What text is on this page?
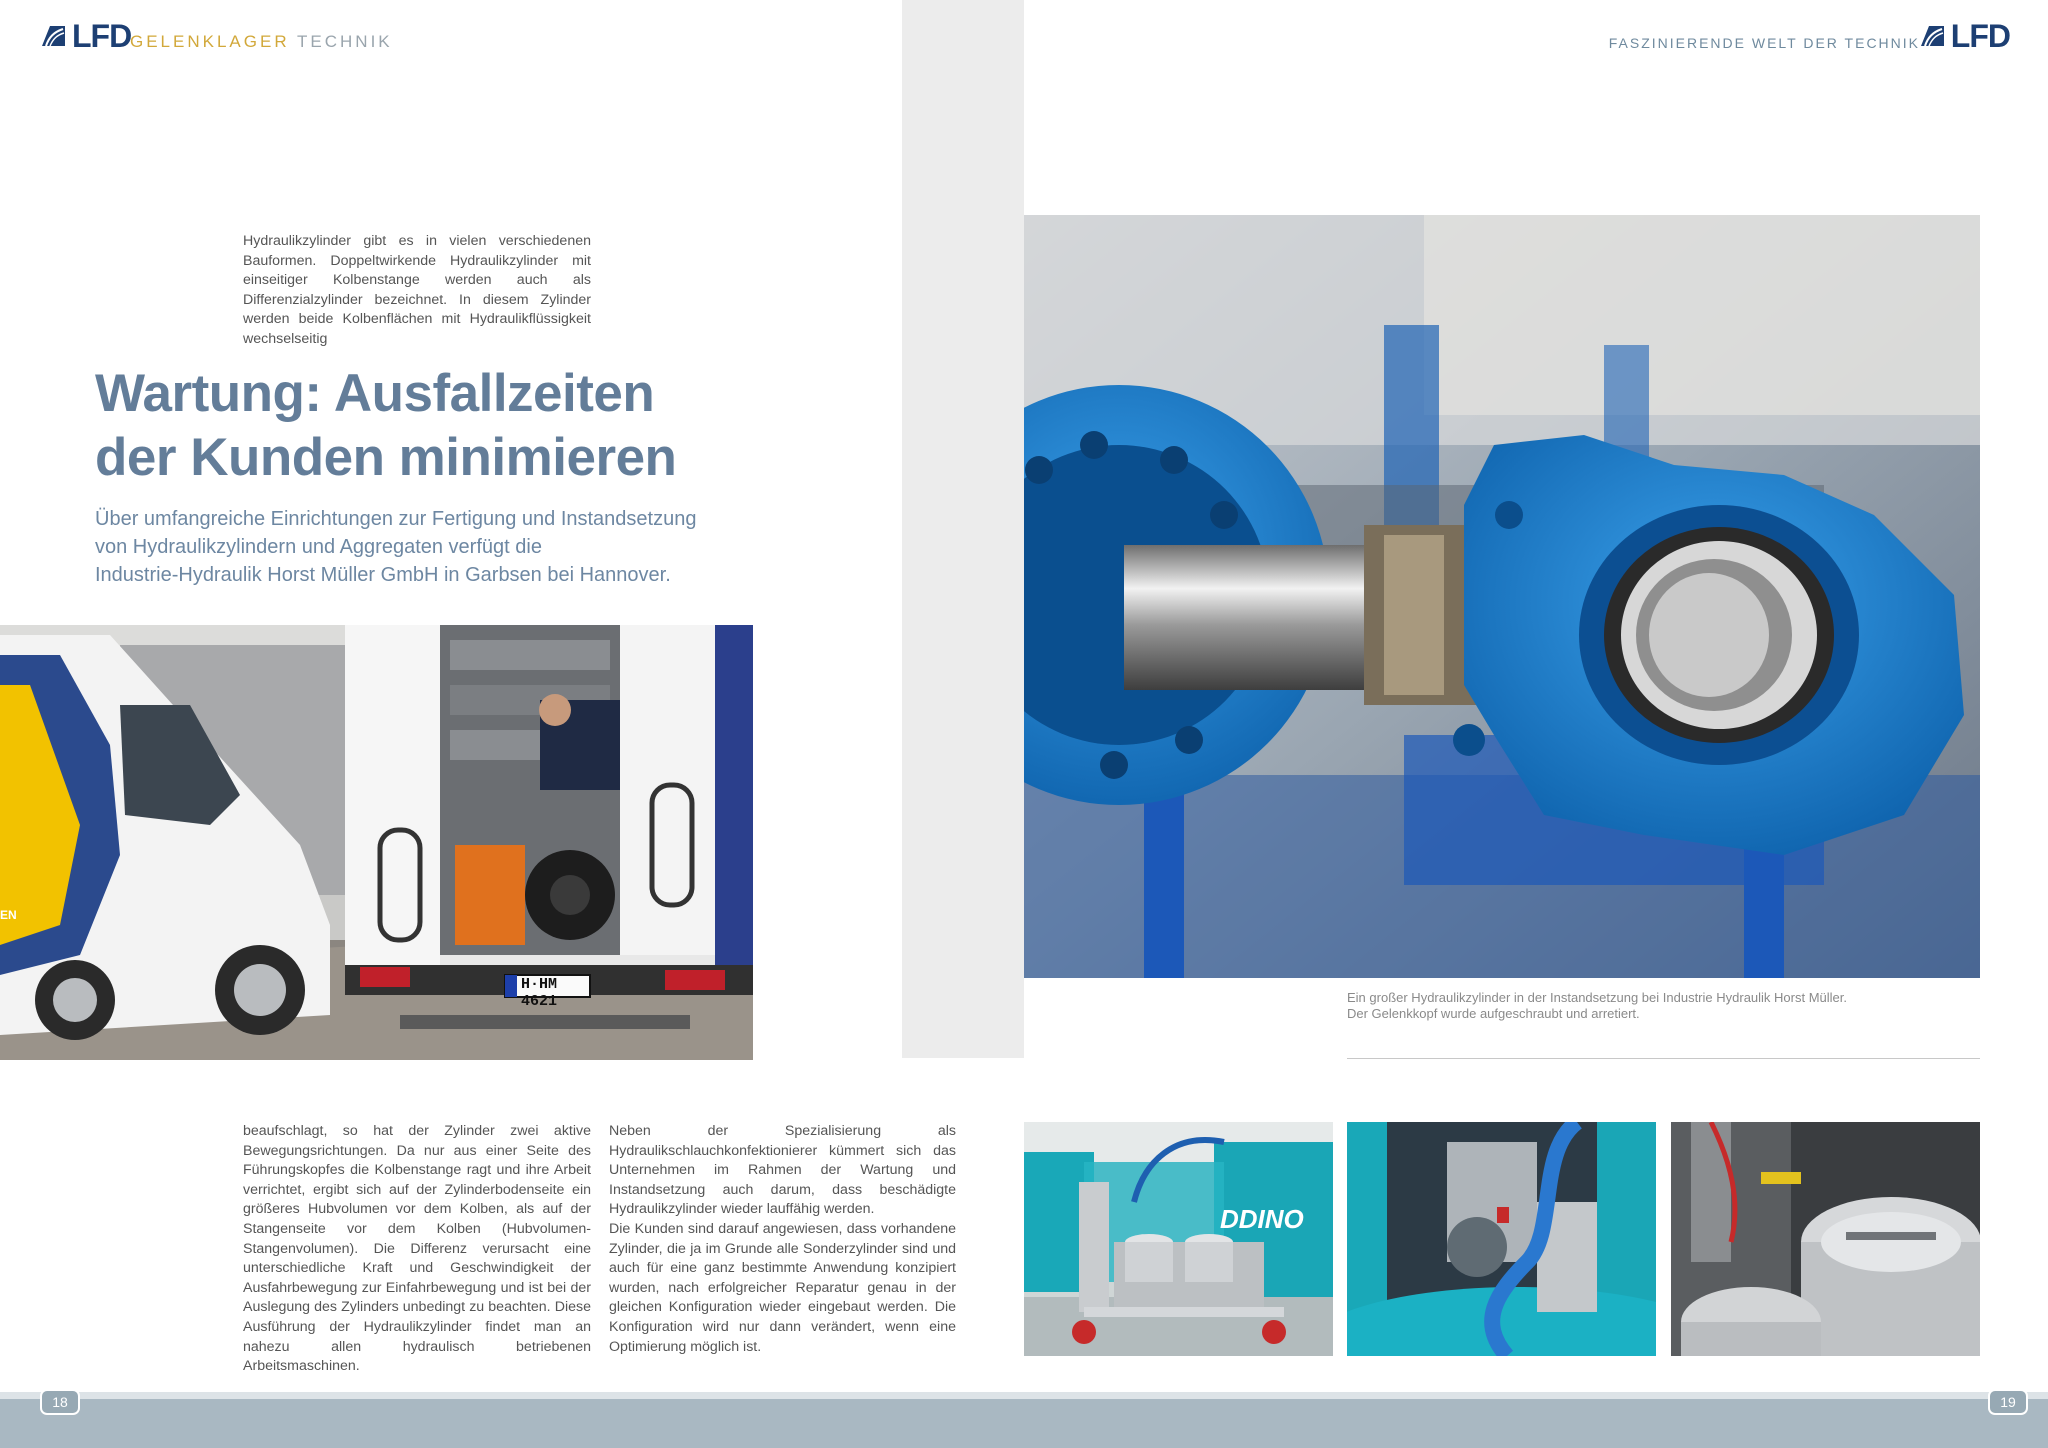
LFD
GELENKLAGER TECHNIK	FASZINIERENDE WELT DER TECHNIK LFD

Hydraulikzylinder gibt es in vielen verschiedenen Bauformen. Doppeltwirkende Hydraulikzylinder mit einseitiger Kolbenstange werden auch als Differenzialzylinder bezeichnet. In diesem Zylinder werden beide Kolbenflächen mit Hydraulikflüssigkeit wechselseitig

Wartung: Ausfallzeiten
der Kunden minimieren

Über umfangreiche Einrichtungen zur Fertigung und Instandsetzung
von Hydraulikzylindern und Aggregaten verfügt die
Industrie-Hydraulik Horst Müller GmbH in Garbsen bei Hannover.

H·HM 4621
EN
Ein großer Hydraulikzylinder in der Instandsetzung bei Industrie Hydraulik Horst Müller.
Der Gelenkkopf wurde aufgeschraubt und arretiert.

beaufschlagt, so hat der Zylinder zwei aktive Bewegungsrichtungen. Da nur aus einer Seite des Führungskopfes die Kolbenstange ragt und ihre Arbeit verrichtet, ergibt sich auf der Zylinderbodenseite ein größeres Hubvolumen vor dem Kolben, als auf der Stangenseite vor dem Kolben (Hubvolumen-Stangenvolumen). Die Differenz verursacht eine unterschiedliche Kraft und Geschwindigkeit der Ausfahrbewegung zur Einfahrbewegung und ist bei der Auslegung des Zylinders unbedingt zu beachten. Diese Ausführung der Hydraulikzylinder findet man an nahezu allen hydraulisch betriebenen Arbeitsmaschinen.

Neben der Spezialisierung als Hydraulikschlauchkonfektionierer kümmert sich das Unternehmen im Rahmen der Wartung und Instandsetzung auch darum, dass beschädigte Hydraulikzylinder wieder lauffähig werden.

Die Kunden sind darauf angewiesen, dass vorhandene Zylinder, die ja im Grunde alle Sonderzylinder sind und auch für eine ganz bestimmte Anwendung konzipiert wurden, nach erfolgreicher Reparatur genau in der gleichen Konfiguration wieder eingebaut werden. Die Konfiguration wird nur dann verändert, wenn eine Optimierung möglich ist.

DDINO
18	19
